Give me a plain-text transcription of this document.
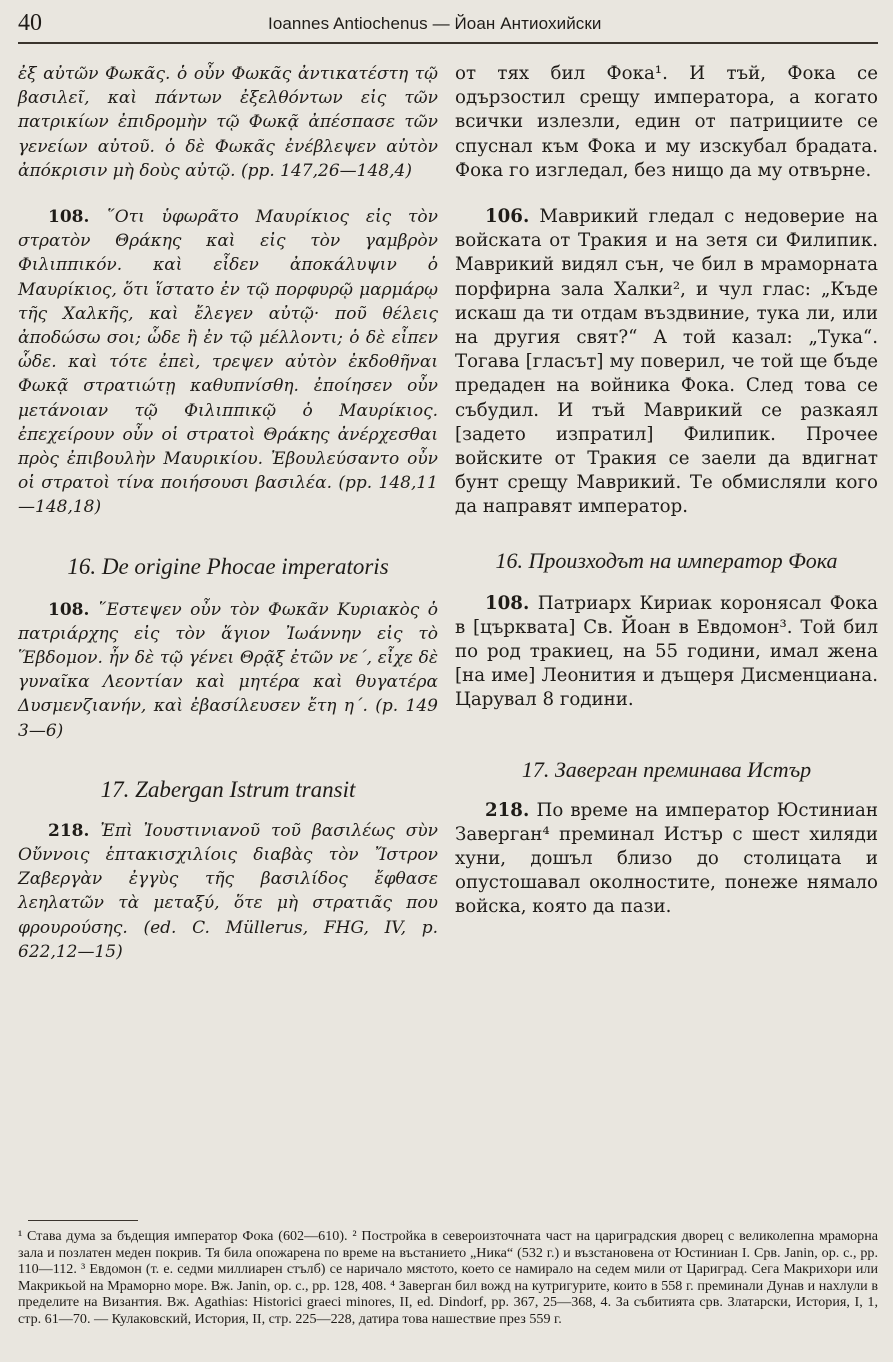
40	Ioannes Antiochenus — Йоан Антиохийски

ἐξ αὐτῶν Φωκᾶς. ὁ οὖν Φωκᾶς ἀντικατέστη τῷ βασιλεῖ, καὶ πάντων ἐξελθόντων εἰς τῶν πατρικίων ἐπιδρομὴν τῷ Φωκᾷ ἀπέσπασε τῶν γενείων αὐτοῦ. ὁ δὲ Φωκᾶς ἐνέβλεψεν αὐτὸν ἀπόκρισιν μὴ δοὺς αὐτῷ. (pp. 147,26—148,4)

108. ῞Οτι ὑφωρᾶτο Μαυρίκιος εἰς τὸν στρατὸν Θράκης καὶ εἰς τὸν γαμβρὸν Φιλιππικόν. καὶ εἶδεν ἀποκάλυψιν ὁ Μαυρίκιος, ὅτι ἵστατο ἐν τῷ πορφυρῷ μαρμάρῳ τῆς Χαλκῆς, καὶ ἔλεγεν αὐτῷ· ποῦ θέλεις ἀποδώσω σοι; ὧδε ἢ ἐν τῷ μέλλοντι; ὁ δὲ εἶπεν ὧδε. καὶ τότε ἐπεὶ, τρεψεν αὐτὸν ἐκδοθῆναι Φωκᾷ στρατιώτῃ καθυπνίσθη. ἐποίησεν οὖν μετάνοιαν τῷ Φιλιππικῷ ὁ Μαυρίκιος. ἐπεχείρουν οὖν οἱ στρατοὶ Θράκης ἀνέρχεσθαι πρὸς ἐπιβουλὴν Μαυρικίου. Ἐβουλεύσαντο οὖν οἱ στρατοὶ τίνα ποιήσουσι βασιλέα. (pp. 148,11—148,18)

16. De origine Phocae imperatoris

108. ῞Εστεψεν οὖν τὸν Φωκᾶν Κυριακὸς ὁ πατριάρχης εἰς τὸν ἅγιον Ἰωάννην εἰς τὸ Ἕβδομον. ἦν δὲ τῷ γένει Θρᾷξ ἐτῶν νε΄, εἶχε δὲ γυναῖκα Λεοντίαν καὶ μητέρα καὶ θυγατέρα Δυσμενζιανήν, καὶ ἐβασίλευσεν ἔτη η΄. (p. 149 3—6)

17. Zabergan Istrum transit

218. Ἐπὶ Ἰουστινιανοῦ τοῦ βασιλέως σὺν Οὔννοις ἑπτακισχιλίοις διαβὰς τὸν Ἴστρον Ζαβεργὰν ἐγγὺς τῆς βασιλίδος ἔφθασε λεηλατῶν τὰ μεταξύ, ὅτε μὴ στρατιᾶς που φρουρούσης. (ed. C. Müllerus, FHG, IV, p. 622,12—15)

от тях бил Фока¹. И тъй, Фока се одързостил срещу императора, а когато всички излезли, един от патрициите се спуснал към Фока и му изскубал брадата. Фока го изгледал, без нищо да му отвърне.

106. Маврикий гледал с недоверие на войската от Тракия и на зетя си Филипик. Маврикий видял сън, че бил в мраморната порфирна зала Халки², и чул глас: „Къде искаш да ти отдам въздвиние, тука ли, или на другия свят?“ А той казал: „Тука“. Тогава [гласът] му поверил, че той ще бъде предаден на войника Фока. След това се събудил. И тъй Маврикий се разкаял [задето изпратил] Филипик. Прочее войските от Тракия се заели да вдигнат бунт срещу Маврикий. Те обмисляли кого да направят император.

16. Произходът на император Фока

108. Патриарх Кириак коронясал Фока в [църквата] Св. Йоан в Евдомон³. Той бил по род тракиец, на 55 години, имал жена [на име] Леонития и дъщеря Дисменциана. Царувал 8 години.

17. Заверган преминава Истър

218. По време на император Юстиниан Заверган⁴ преминал Истър с шест хиляди хуни, дошъл близо до столицата и опустошавал околностите, понеже нямало войска, която да пази.

¹ Става дума за бъдещия император Фока (602—610). ² Постройка в североизточната част на цариградския дворец с великолепна мраморна зала и позлатен меден покрив. Тя била опожарена по време на въстанието „Ника“ (532 г.) и възстановена от Юстиниан I. Срв. Janin, op. c., pp. 110—112. ³ Евдомон (т. е. седми миллиарен стълб) се наричало мястото, което се намирало на седем мили от Цариград. Сега Макрихори или Макрикьой на Мраморно море. Вж. Janin, op. c., pp. 128, 408. ⁴ Заверган бил вожд на кутригурите, които в 558 г. преминали Дунав и нахлули в пределите на Византия. Вж. Agathias: Historici graeci minores, II, ed. Dindorf, pp. 367, 25—368, 4. За събитията срв. Златарски, История, I, 1, стр. 61—70. — Кулаковский, История, II, стр. 225—228, датира това нашествие през 559 г.
